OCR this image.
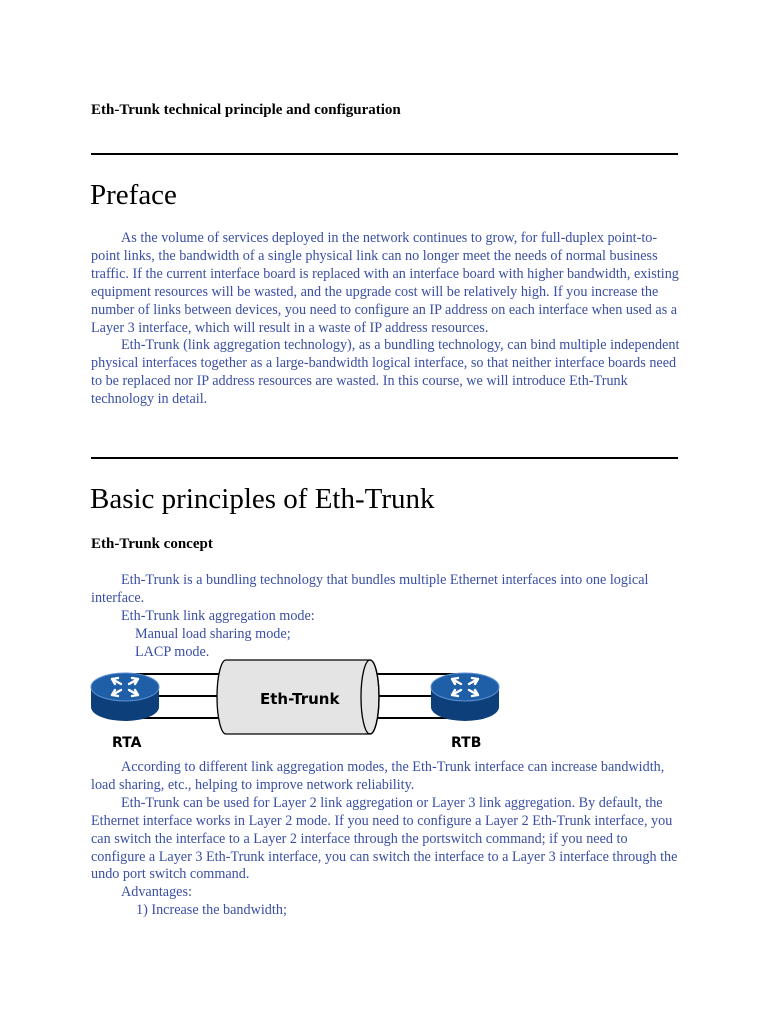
Eth-Trunk technical principle and configuration
Preface

As the volume of services deployed in the network continues to grow, for full-duplex point-to-point links, the bandwidth of a single physical link can no longer meet the needs of normal business traffic. If the current interface board is replaced with an interface board with higher bandwidth, existing equipment resources will be wasted, and the upgrade cost will be relatively high. If you increase the number of links between devices, you need to configure an IP address on each interface when used as a Layer 3 interface, which will result in a waste of IP address resources.

Eth-Trunk (link aggregation technology), as a bundling technology, can bind multiple independent physical interfaces together as a large-bandwidth logical interface, so that neither interface boards need to be replaced nor IP address resources are wasted. In this course, we will introduce Eth-Trunk technology in detail.

Basic principles of Eth-Trunk
Eth-Trunk concept

Eth-Trunk is a bundling technology that bundles multiple Ethernet interfaces into one logical interface.

Eth-Trunk link aggregation mode:

Manual load sharing mode;

LACP mode.

Eth-Trunk
RTA	RTB

According to different link aggregation modes, the Eth-Trunk interface can increase bandwidth, load sharing, etc., helping to improve network reliability.

Eth-Trunk can be used for Layer 2 link aggregation or Layer 3 link aggregation. By default, the Ethernet interface works in Layer 2 mode. If you need to configure a Layer 2 Eth-Trunk interface, you can switch the interface to a Layer 2 interface through the portswitch command; if you need to configure a Layer 3 Eth-Trunk interface, you can switch the interface to a Layer 3 interface through the undo port switch command.

Advantages:

1) Increase the bandwidth;
